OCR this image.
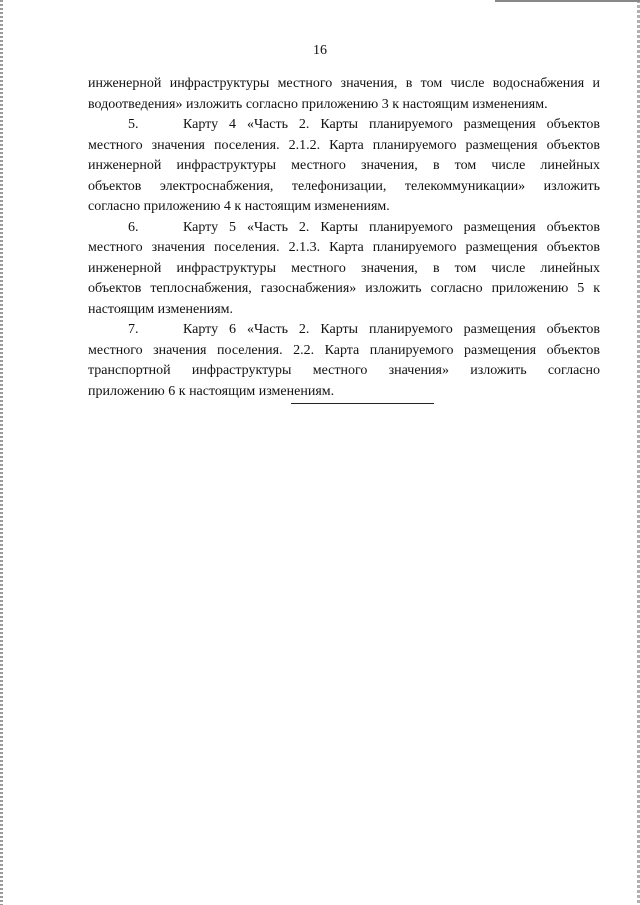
16
инженерной инфраструктуры местного значения, в том числе водоснабжения и
водоотведения» изложить согласно приложению 3 к настоящим изменениям.
5.	Карту 4 «Часть 2. Карты планируемого размещения объектов
местного значения поселения. 2.1.2. Карта планируемого размещения объектов
инженерной инфраструктуры местного значения, в том числе линейных
объектов электроснабжения, телефонизации, телекоммуникации» изложить
согласно приложению 4 к настоящим изменениям.
6.	Карту 5 «Часть 2. Карты планируемого размещения объектов
местного значения поселения. 2.1.3. Карта планируемого размещения объектов
инженерной инфраструктуры местного значения, в том числе линейных
объектов теплоснабжения, газоснабжения» изложить согласно приложению 5 к
настоящим изменениям.
7.	Карту 6 «Часть 2. Карты планируемого размещения объектов
местного значения поселения. 2.2. Карта планируемого размещения объектов
транспортной инфраструктуры местного значения» изложить согласно
приложению 6 к настоящим изменениям.
